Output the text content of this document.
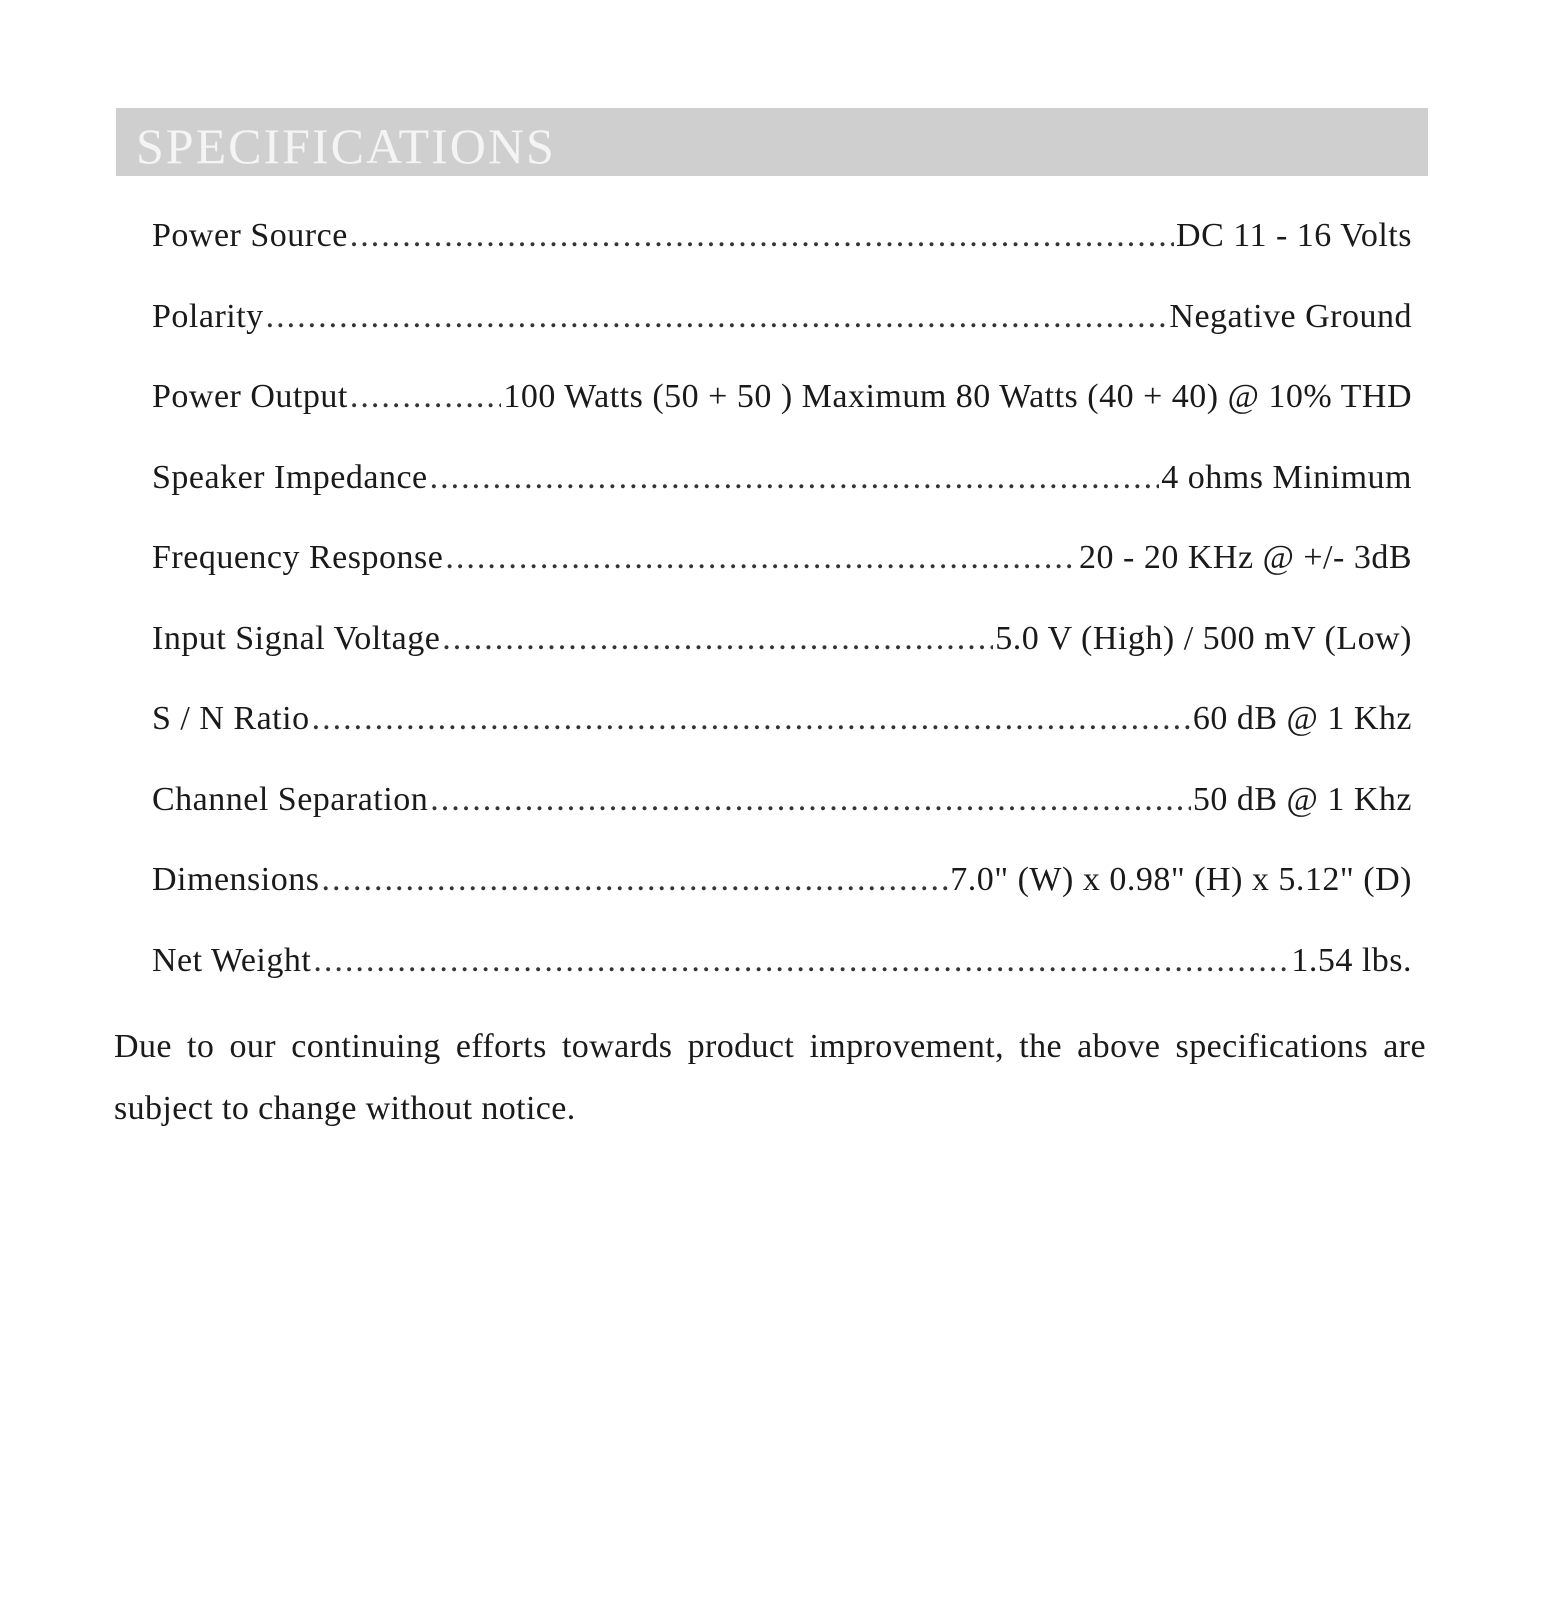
SPECIFICATIONS
Power Source .....	DC 11 - 16 Volts
Polarity .....	Negative Ground
Power Output .....	100 Watts (50 + 50 ) Maximum 80 Watts (40 + 40) @ 10% THD
Speaker Impedance .....	4 ohms Minimum
Frequency Response .....	20 - 20 KHz @ +/- 3dB
Input Signal Voltage .....	5.0 V (High) / 500 mV (Low)
S / N Ratio .....	60 dB @ 1 Khz
Channel Separation .....	50 dB @ 1 Khz
Dimensions .....	7.0" (W) x 0.98" (H) x 5.12" (D)
Net Weight .....	1.54 lbs.

Due to our continuing efforts towards product improvement, the above specifications are subject to change without notice.
